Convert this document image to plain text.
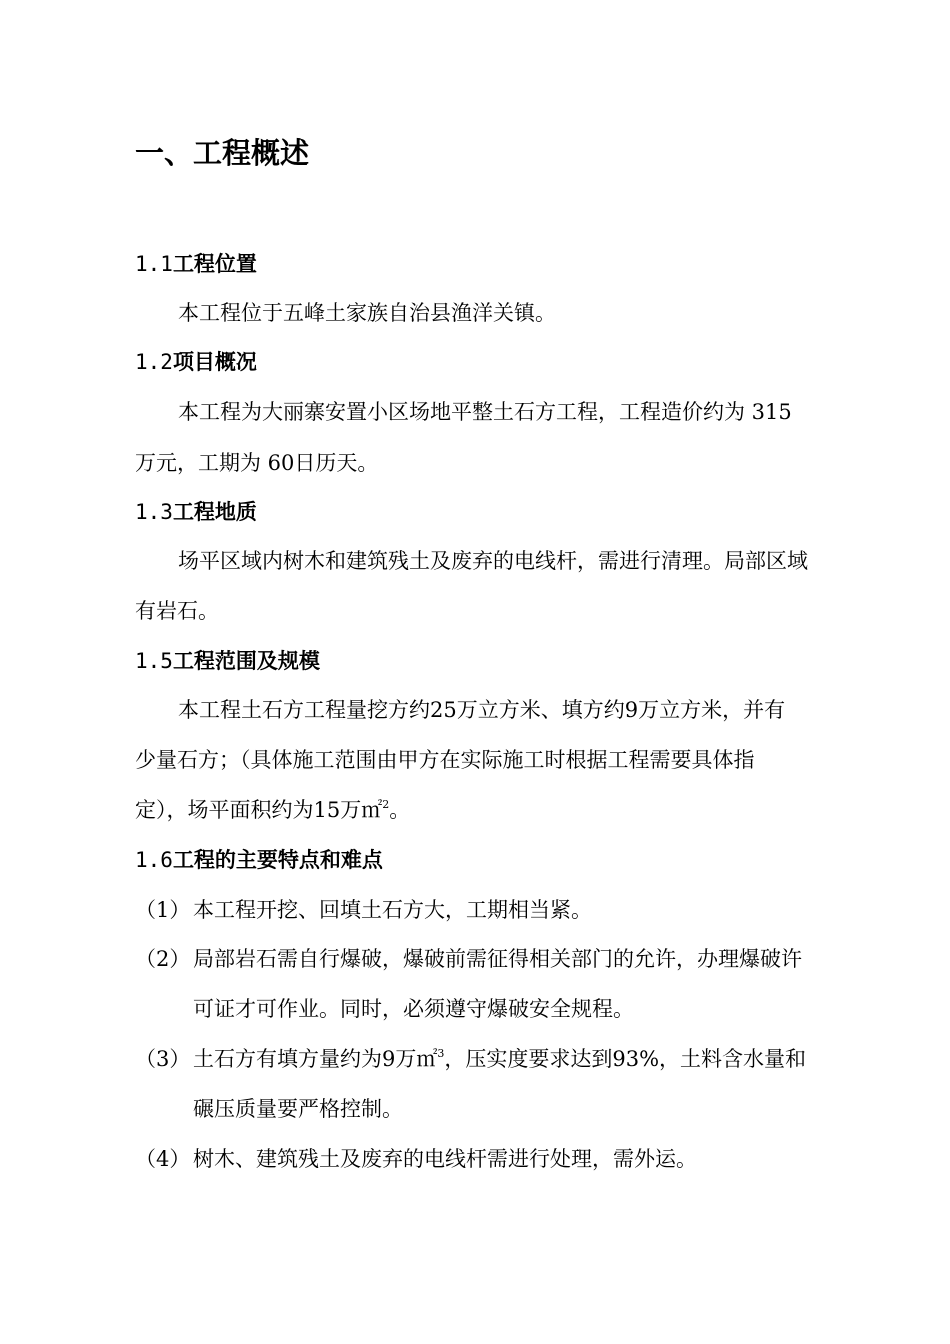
一、工程概述
1.1工程位置
本工程位于五峰土家族自治县渔洋关镇。
1.2项目概况
本工程为大丽寨安置小区场地平整土石方工程，工程造价约为 315
万元，工期为 60日历天。
1.3工程地质
场平区域内树木和建筑残土及废弃的电线杆，需进行清理。局部区域
有岩石。
1.5工程范围及规模
本工程土石方工程量挖方约25万立方米、填方约9万立方米，并有
少量石方；（具体施工范围由甲方在实际施工时根据工程需要具体指
定），场平面积约为15万㎡$^2$。
1.6工程的主要特点和难点
（1） 本工程开挖、回填土石方大，工期相当紧。
（2） 局部岩石需自行爆破，爆破前需征得相关部门的允许，办理爆破许
可证才可作业。同时，必须遵守爆破安全规程。
（3） 土石方有填方量约为9万㎡$^3$，压实度要求达到93%，土料含水量和
碾压质量要严格控制。
（4） 树木、建筑残土及废弃的电线杆需进行处理，需外运。
